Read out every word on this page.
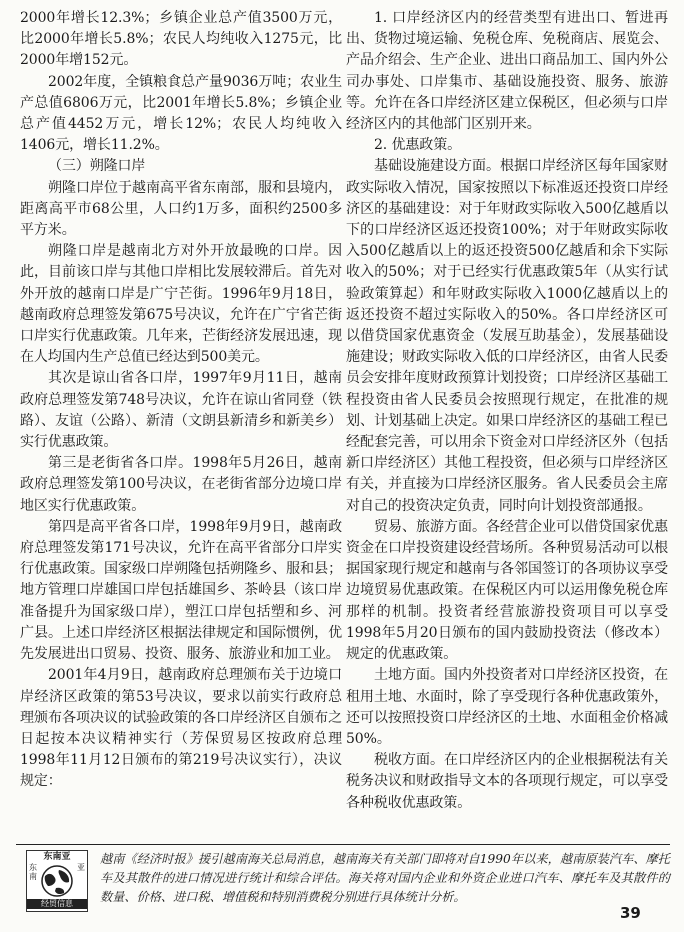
2000年增长12.3%；乡镇企业总产值3500万元，比2000年增长5.8%；农民人均纯收入1275元，比2000年增152元。

2002年度，全镇粮食总产量9036万吨；农业生产总值6806万元，比2001年增长5.8%；乡镇企业总产值4452万元，增长12%；农民人均纯收入1406元，增长11.2%。

（三）朔隆口岸

朔隆口岸位于越南高平省东南部，服和县境内，距离高平市68公里，人口约1万多，面积约2500多平方米。

朔隆口岸是越南北方对外开放最晚的口岸。因此，目前该口岸与其他口岸相比发展较滞后。首先对外开放的越南口岸是广宁芒街。1996年9月18日，越南政府总理签发第675号决议，允许在广宁省芒街口岸实行优惠政策。几年来，芒街经济发展迅速，现在人均国内生产总值已经达到500美元。

其次是谅山省各口岸，1997年9月11日，越南政府总理签发第748号决议，允许在谅山省同登（铁路）、友谊（公路）、新清（文朗县新清乡和新美乡）实行优惠政策。

第三是老街省各口岸。1998年5月26日，越南政府总理签发第100号决议，在老街省部分边境口岸地区实行优惠政策。

第四是高平省各口岸，1998年9月9日，越南政府总理签发第171号决议，允许在高平省部分口岸实行优惠政策。国家级口岸朔隆包括朔隆乡、服和县；地方管理口岸雄国口岸包括雄国乡、茶岭县（该口岸准备提升为国家级口岸），塑江口岸包括塑和乡、河广县。上述口岸经济区根据法律规定和国际惯例，优先发展进出口贸易、投资、服务、旅游业和加工业。

2001年4月9日，越南政府总理颁布关于边境口岸经济区政策的第53号决议，要求以前实行政府总理颁布各项决议的试验政策的各口岸经济区自颁布之日起按本决议精神实行（芳保贸易区按政府总理1998年11月12日颁布的第219号决议实行），决议规定：

1. 口岸经济区内的经营类型有进出口、暂进再出、货物过境运输、免税仓库、免税商店、展览会、产品介绍会、生产企业、进出口商品加工、国内外公司办事处、口岸集市、基础设施投资、服务、旅游等。允许在各口岸经济区建立保税区，但必须与口岸经济区内的其他部门区别开来。

2. 优惠政策。

基础设施建设方面。根据口岸经济区每年国家财政实际收入情况，国家按照以下标准返还投资口岸经济区的基础建设：对于年财政实际收入500亿越盾以下的口岸经济区返还投资100%；对于年财政实际收入500亿越盾以上的返还投资500亿越盾和余下实际收入的50%；对于已经实行优惠政策5年（从实行试验政策算起）和年财政实际收入1000亿越盾以上的返还投资不超过实际收入的50%。各口岸经济区可以借贷国家优惠资金（发展互助基金），发展基础设施建设；财政实际收入低的口岸经济区，由省人民委员会安排年度财政预算计划投资；口岸经济区基础工程投资由省人民委员会按照现行规定，在批准的规划、计划基础上决定。如果口岸经济区的基础工程已经配套完善，可以用余下资金对口岸经济区外（包括新口岸经济区）其他工程投资，但必须与口岸经济区有关，并直接为口岸经济区服务。省人民委员会主席对自己的投资决定负责，同时向计划投资部通报。

贸易、旅游方面。各经营企业可以借贷国家优惠资金在口岸投资建设经营场所。各种贸易活动可以根据国家现行规定和越南与各邻国签订的各项协议享受边境贸易优惠政策。在保税区内可以运用像免税仓库那样的机制。投资者经营旅游投资项目可以享受1998年5月20日颁布的国内鼓励投资法（修改本）规定的优惠政策。

土地方面。国内外投资者对口岸经济区投资，在租用土地、水面时，除了享受现行各种优惠政策外，还可以按照投资口岸经济区的土地、水面租金价格减50%。

税收方面。在口岸经济区内的企业根据税法有关税务决议和财政指导文本的各项现行规定，可以享受各种税收优惠政策。

东南亚
东南
亚
经贸信息
越南《经济时报》援引越南海关总局消息，越南海关有关部门即将对自1990年以来，越南原装汽车、摩托车及其散件的进口情况进行统计和综合评估。海关将对国内企业和外资企业进口汽车、摩托车及其散件的数量、价格、进口税、增值税和特别消费税分别进行具体统计分析。
39
